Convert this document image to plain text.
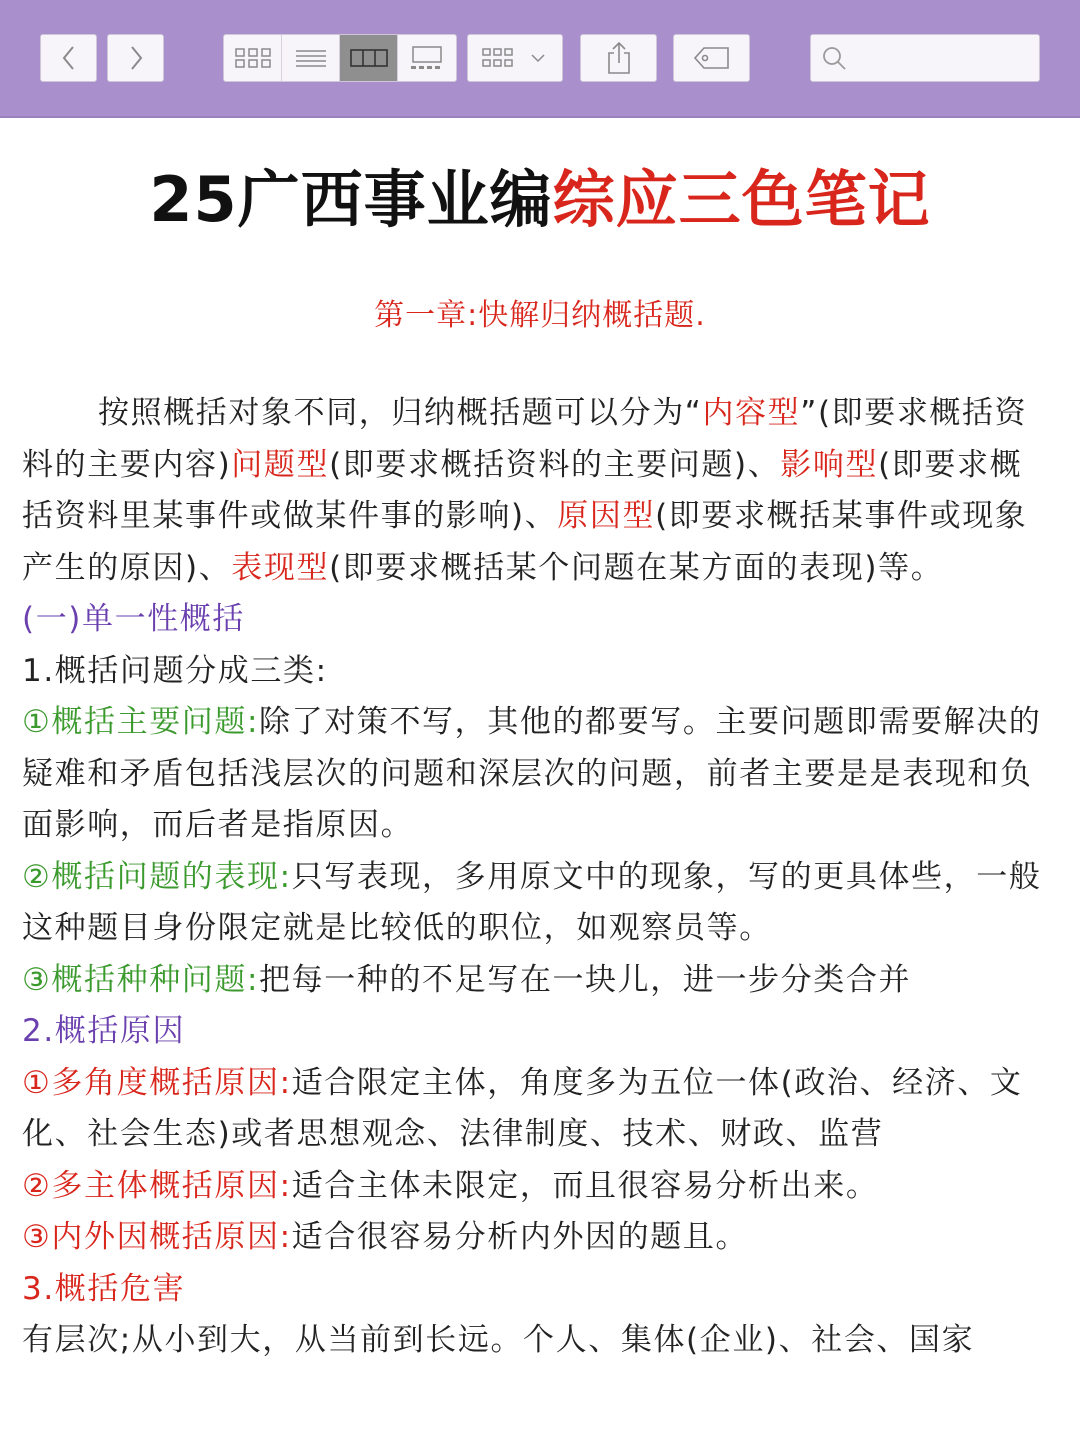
25广西事业编综应三色笔记
第一章:快解归纳概括题.

按照概括对象不同，归纳概括题可以分为“内容型”(即要求概括资料的主要内容)问题型(即要求概括资料的主要问题)、影响型(即要求概括资料里某事件或做某件事的影响)、原因型(即要求概括某事件或现象产生的原因)、表现型(即要求概括某个问题在某方面的表现)等。

(一)单一性概括

1.概括问题分成三类:

①概括主要问题:除了对策不写，其他的都要写。主要问题即需要解决的疑难和矛盾包括浅层次的问题和深层次的问题，前者主要是是表现和负面影响，而后者是指原因。

②概括问题的表现:只写表现，多用原文中的现象，写的更具体些，一般这种题目身份限定就是比较低的职位，如观察员等。

③概括种种问题:把每一种的不足写在一块儿，进一步分类合并

2.概括原因

①多角度概括原因:适合限定主体，角度多为五位一体(政治、经济、文化、社会生态)或者思想观念、法律制度、技术、财政、监营

②多主体概括原因:适合主体未限定，而且很容易分析出来。

③内外因概括原因:适合很容易分析内外因的题且。

3.概括危害

有层次;从小到大，从当前到长远。个人、集体(企业)、社会、国家
